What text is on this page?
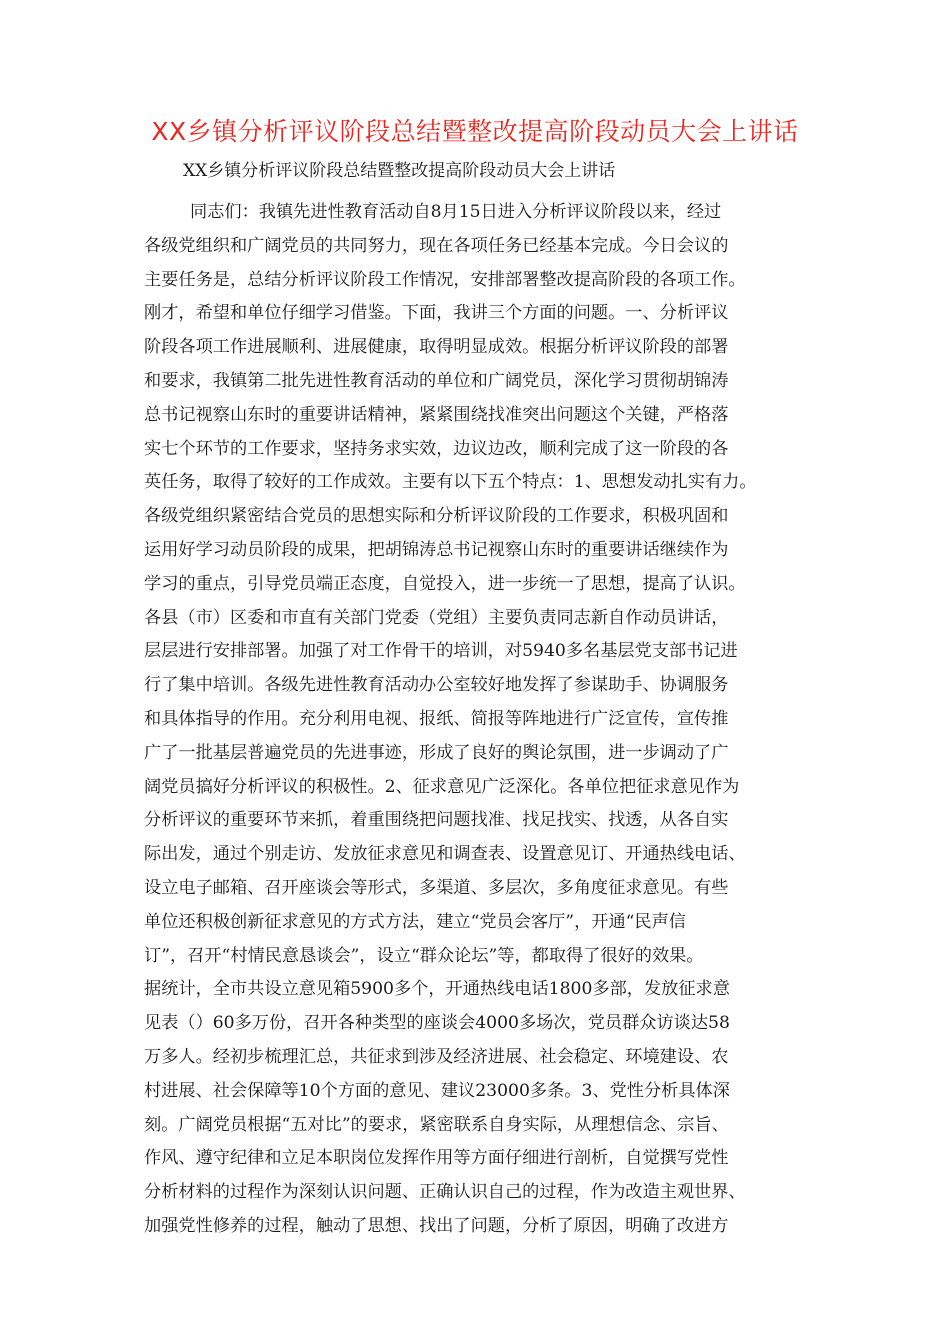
XX乡镇分析评议阶段总结暨整改提高阶段动员大会上讲话

XX乡镇分析评议阶段总结暨整改提高阶段动员大会上讲话

同志们：我镇先进性教育活动自8月15日进入分析评议阶段以来，经过
各级党组织和广阔党员的共同努力，现在各项任务已经基本完成。今日会议的
主要任务是，总结分析评议阶段工作情况，安排部署整改提高阶段的各项工作。
刚才，希望和单位仔细学习借鉴。下面，我讲三个方面的问题。一、分析评议
阶段各项工作进展顺利、进展健康，取得明显成效。根据分析评议阶段的部署
和要求，我镇第二批先进性教育活动的单位和广阔党员，深化学习贯彻胡锦涛
总书记视察山东时的重要讲话精神，紧紧围绕找准突出问题这个关键，严格落
实七个环节的工作要求，坚持务求实效，边议边改，顺利完成了这一阶段的各
英任务，取得了较好的工作成效。主要有以下五个特点：1、思想发动扎实有力。
各级党组织紧密结合党员的思想实际和分析评议阶段的工作要求，积极巩固和
运用好学习动员阶段的成果，把胡锦涛总书记视察山东时的重要讲话继续作为
学习的重点，引导党员端正态度，自觉投入，进一步统一了思想，提高了认识。
各县（市）区委和市直有关部门党委（党组）主要负责同志新自作动员讲话，
层层进行安排部署。加强了对工作骨干的培训，对5940多名基层党支部书记进
行了集中培训。各级先进性教育活动办公室较好地发挥了参谋助手、协调服务
和具体指导的作用。充分利用电视、报纸、简报等阵地进行广泛宣传，宣传推
广了一批基层普遍党员的先进事迹，形成了良好的舆论氛围，进一步调动了广
阔党员搞好分析评议的积极性。2、征求意见广泛深化。各单位把征求意见作为
分析评议的重要环节来抓，着重围绕把问题找准、找足找实、找透，从各自实
际出发，通过个别走访、发放征求意见和调查表、设置意见订、开通热线电话、
设立电子邮箱、召开座谈会等形式，多渠道、多层次，多角度征求意见。有些
单位还积极创新征求意见的方式方法，建立“党员会客厅”，开通“民声信
订”，召开“村情民意恳谈会”，设立“群众论坛”等，都取得了很好的效果。
据统计，全市共设立意见箱5900多个，开通热线电话1800多部，发放征求意
见表（）60多万份，召开各种类型的座谈会4000多场次，党员群众访谈达58
万多人。经初步梳理汇总，共征求到涉及经济进展、社会稳定、环境建设、农
村进展、社会保障等10个方面的意见、建议23000多条。3、党性分析具体深
刻。广阔党员根据“五对比”的要求，紧密联系自身实际，从理想信念、宗旨、
作风、遵守纪律和立足本职岗位发挥作用等方面仔细进行剖析，自觉撰写党性
分析材料的过程作为深刻认识问题、正确认识自己的过程，作为改造主观世界、
加强党性修养的过程，触动了思想、找出了问题，分析了原因，明确了改进方
